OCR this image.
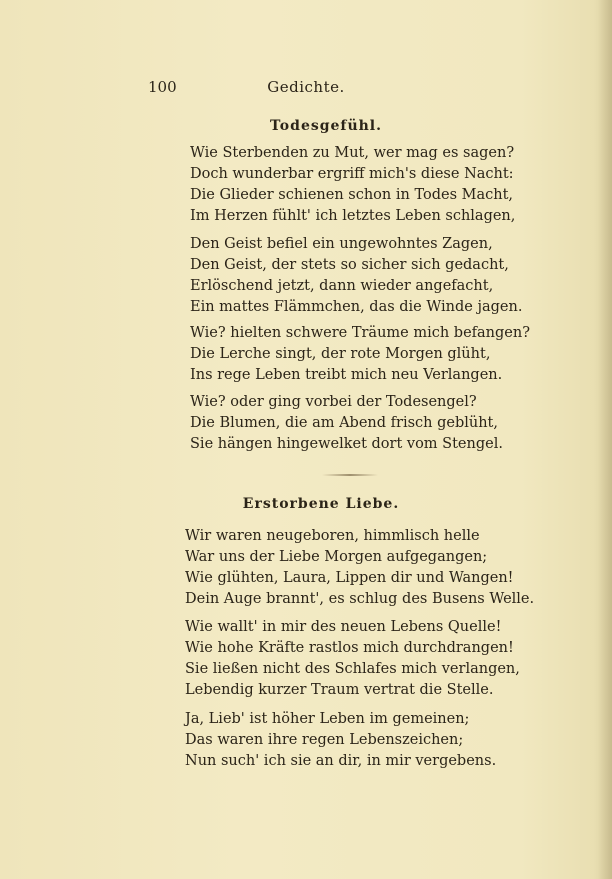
100	Gedichte.
Todesgefühl.
Wie Sterbenden zu Mut, wer mag es sagen?
Doch wunderbar ergriff mich's diese Nacht:
Die Glieder schienen schon in Todes Macht,
Im Herzen fühlt' ich letztes Leben schlagen,
Den Geist befiel ein ungewohntes Zagen,
Den Geist, der stets so sicher sich gedacht,
Erlöschend jetzt, dann wieder angefacht,
Ein mattes Flämmchen, das die Winde jagen.
Wie? hielten schwere Träume mich befangen?
Die Lerche singt, der rote Morgen glüht,
Ins rege Leben treibt mich neu Verlangen.
Wie? oder ging vorbei der Todesengel?
Die Blumen, die am Abend frisch geblüht,
Sie hängen hingewelket dort vom Stengel.
Erstorbene Liebe.
Wir waren neugeboren, himmlisch helle
War uns der Liebe Morgen aufgegangen;
Wie glühten, Laura, Lippen dir und Wangen!
Dein Auge brannt', es schlug des Busens Welle.
Wie wallt' in mir des neuen Lebens Quelle!
Wie hohe Kräfte rastlos mich durchdrangen!
Sie ließen nicht des Schlafes mich verlangen,
Lebendig kurzer Traum vertrat die Stelle.
Ja, Lieb' ist höher Leben im gemeinen;
Das waren ihre regen Lebenszeichen;
Nun such' ich sie an dir, in mir vergebens.
